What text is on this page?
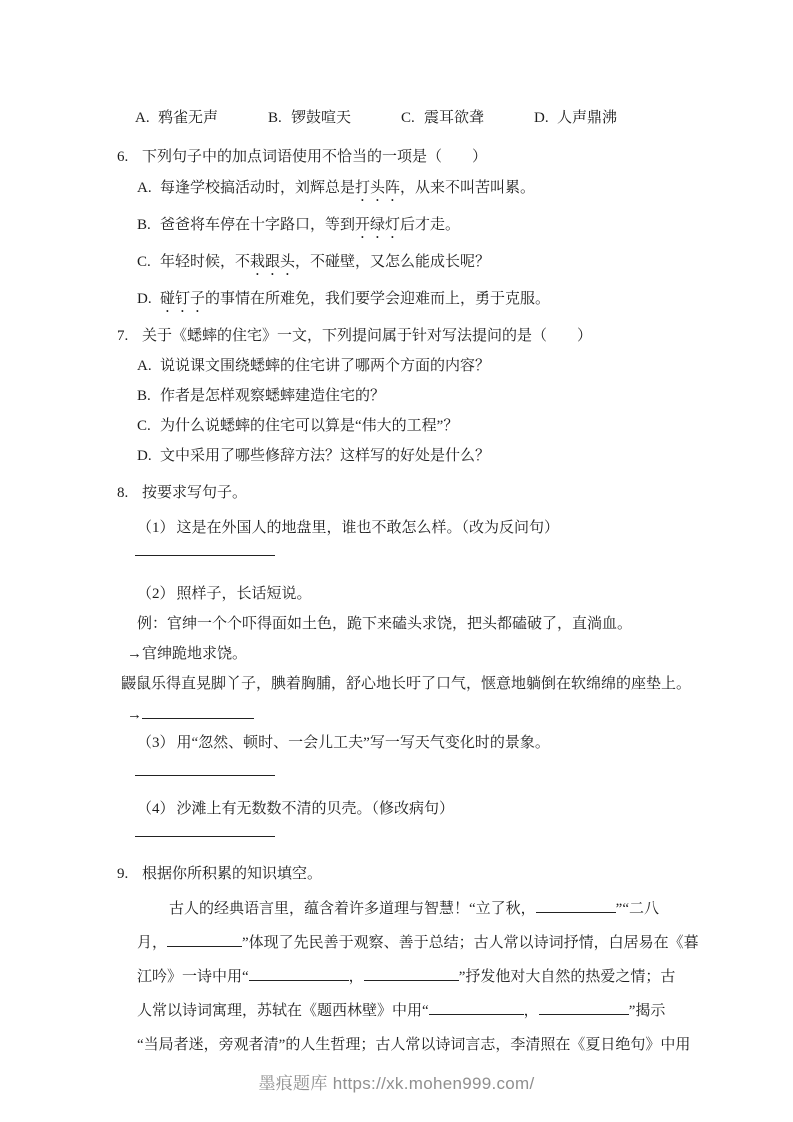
A. 鸦雀无声	B. 锣鼓喧天	C. 震耳欲聋	D. 人声鼎沸
6. 下列句子中的加点词语使用不恰当的一项是（　　）
A. 每逢学校搞活动时，刘辉总是打头阵，从来不叫苦叫累。
B. 爸爸将车停在十字路口，等到开绿灯后才走。
C. 年轻时候，不栽跟头，不碰壁，又怎么能成长呢？
D. 碰钉子的事情在所难免，我们要学会迎难而上，勇于克服。
7. 关于《蟋蟀的住宅》一文，下列提问属于针对写法提问的是（　　）
A. 说说课文围绕蟋蟀的住宅讲了哪两个方面的内容？
B. 作者是怎样观察蟋蟀建造住宅的？
C. 为什么说蟋蟀的住宅可以算是“伟大的工程”？
D. 文中采用了哪些修辞方法？这样写的好处是什么？
8. 按要求写句子。
（1） 这是在外国人的地盘里，谁也不敢怎么样。（改为反问句）
（2） 照样子，长话短说。
例：官绅一个个吓得面如土色，跪下来磕头求饶，把头都磕破了，直淌血。
→官绅跪地求饶。
鼹鼠乐得直晃脚丫子，腆着胸脯，舒心地长吁了口气，惬意地躺倒在软绵绵的座垫上。
→
（3） 用“忽然、顿时、一会儿工夫”写一写天气变化时的景象。
（4） 沙滩上有无数数不清的贝壳。（修改病句）
9. 根据你所积累的知识填空。
古人的经典语言里，蕴含着许多道理与智慧！“立了秋，	”“二八
月，	”体现了先民善于观察、善于总结；古人常以诗词抒情，白居易在《暮
江吟》一诗中用“	，	”抒发他对大自然的热爱之情；古
人常以诗词寓理，苏轼在《题西林壁》中用“	，	”揭示
“当局者迷，旁观者清”的人生哲理；古人常以诗词言志，李清照在《夏日绝句》中用
墨痕题库 https://xk.mohen999.com/
